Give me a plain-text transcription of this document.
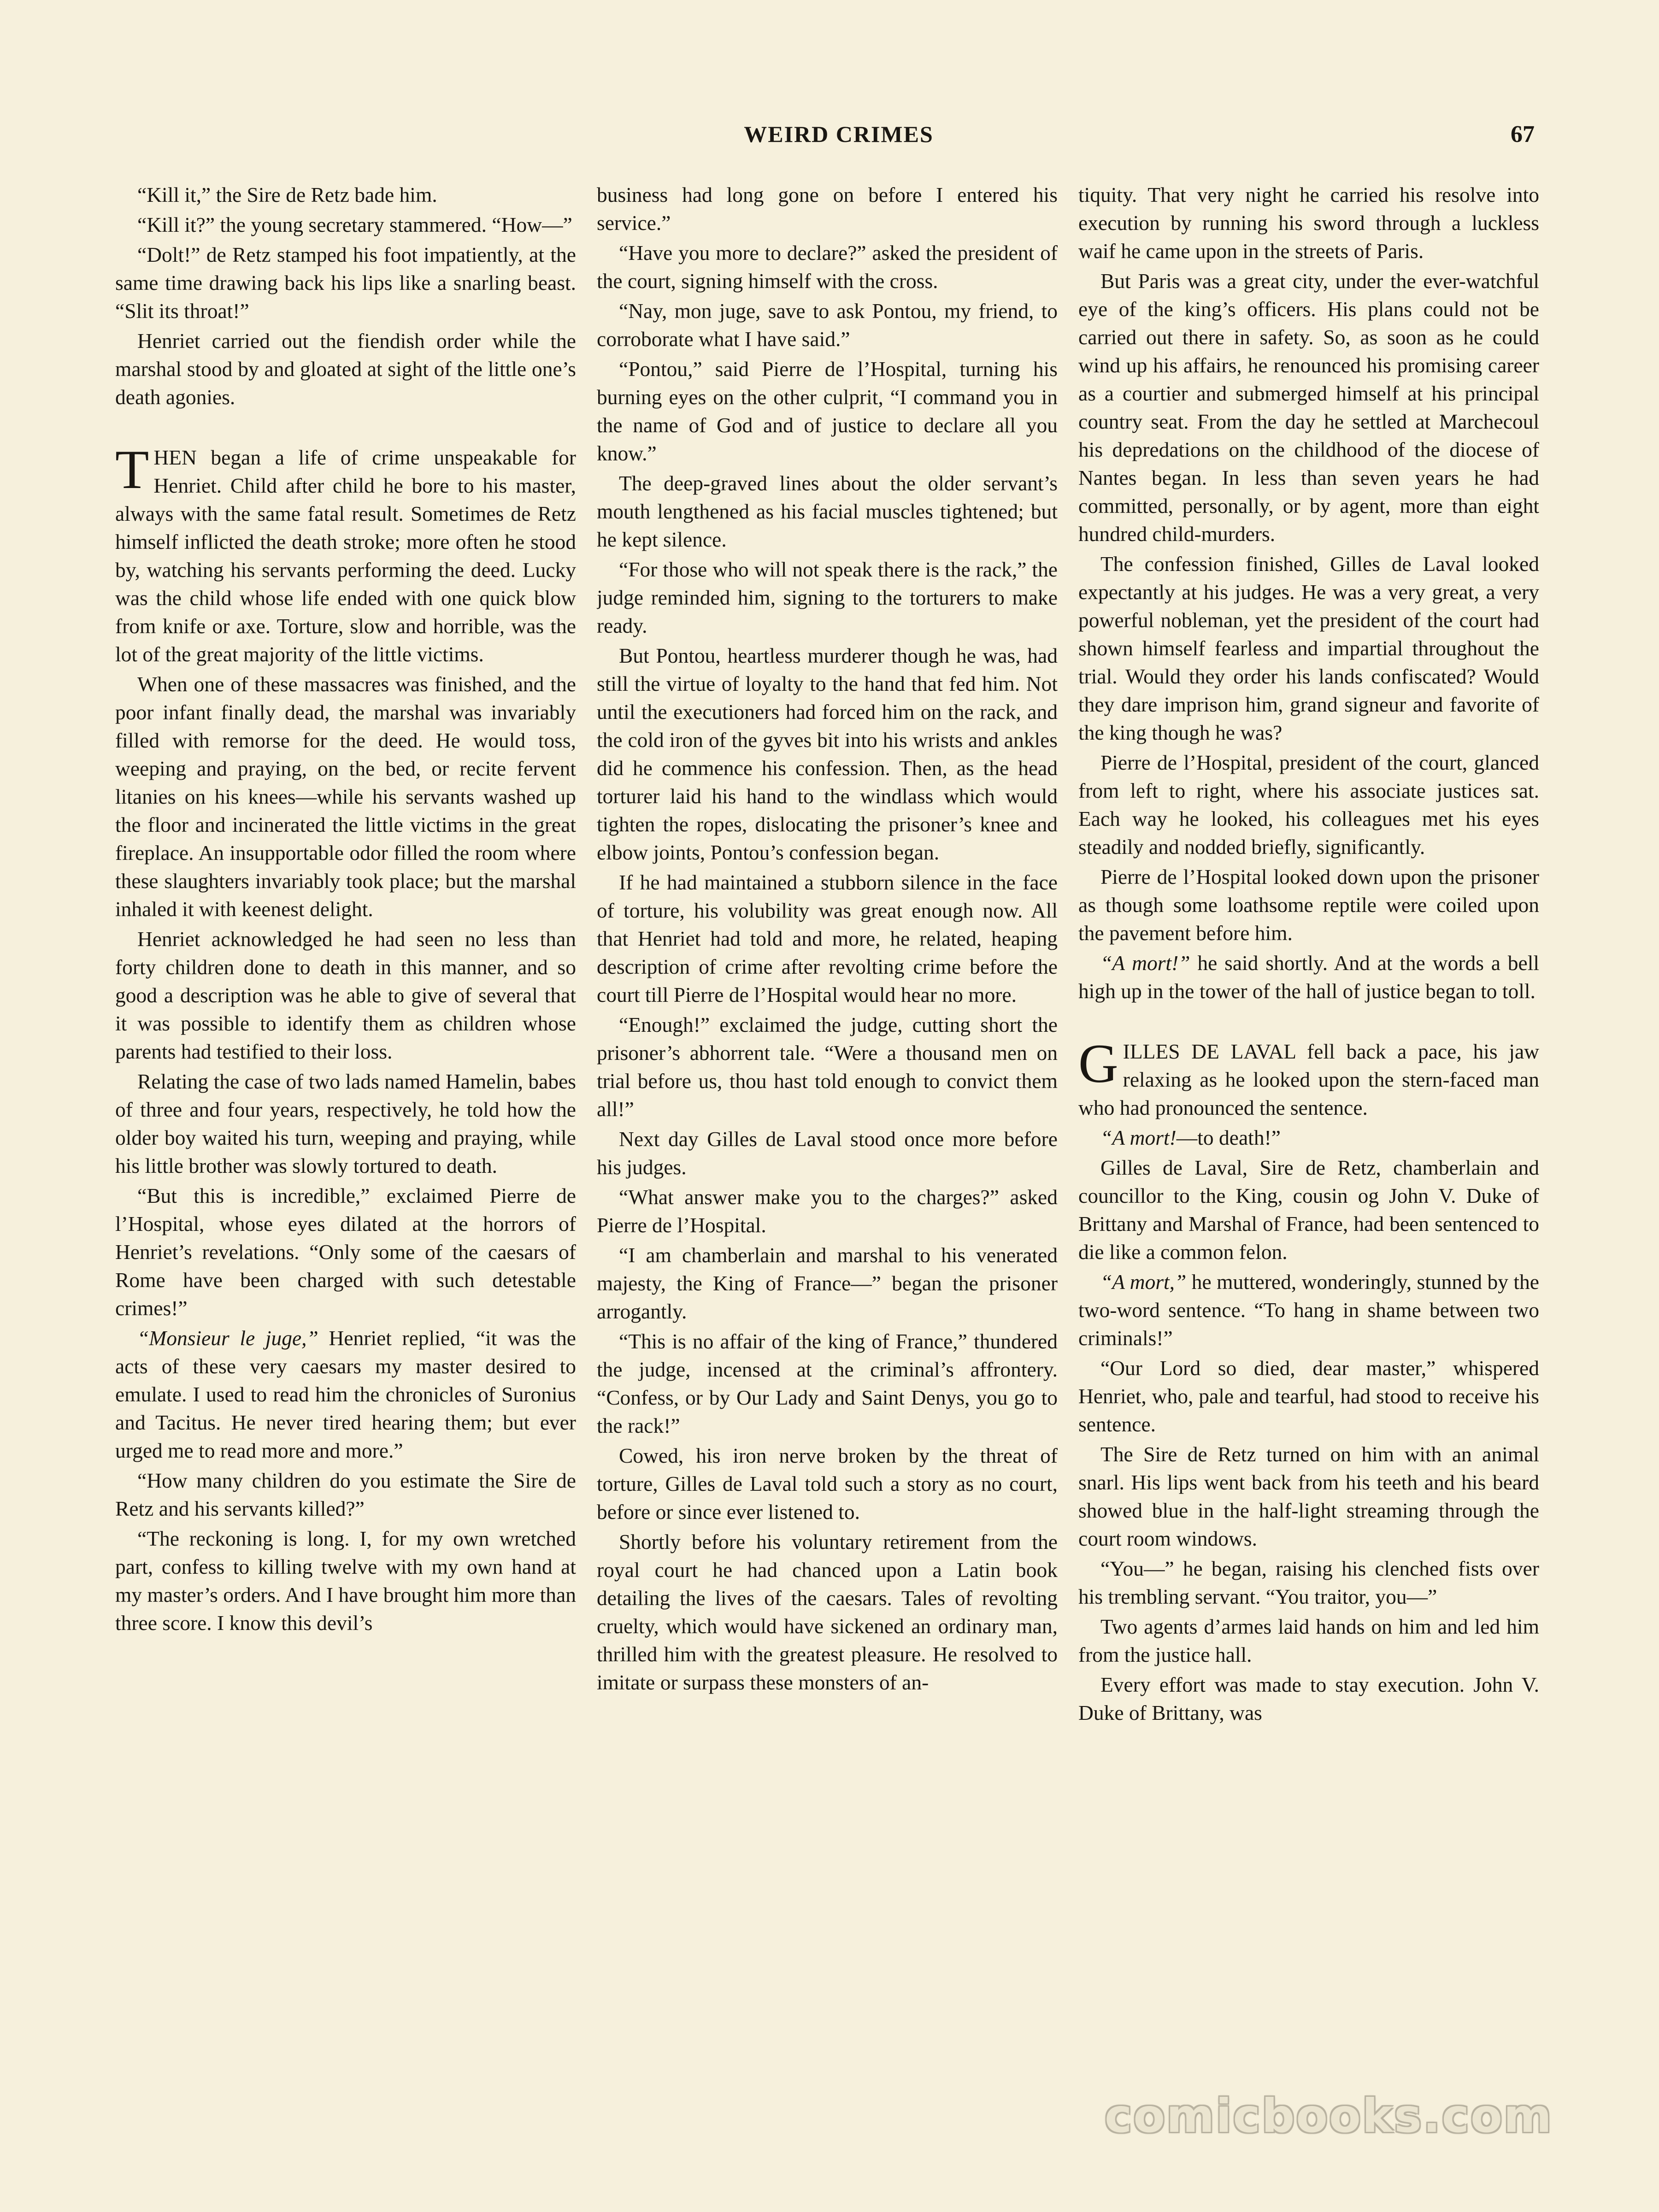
WEIRD CRIMES	67

“Kill it,” the Sire de Retz bade him.

“Kill it?” the young secretary stammered. “How—”

“Dolt!” de Retz stamped his foot impatiently, at the same time drawing back his lips like a snarling beast. “Slit its throat!”

Henriet carried out the fiendish order while the marshal stood by and gloated at sight of the little one’s death agonies.

THEN began a life of crime unspeakable for Henriet. Child after child he bore to his master, always with the same fatal result. Sometimes de Retz himself inflicted the death stroke; more often he stood by, watching his servants performing the deed. Lucky was the child whose life ended with one quick blow from knife or axe. Torture, slow and horrible, was the lot of the great majority of the little victims.

When one of these massacres was finished, and the poor infant finally dead, the marshal was invariably filled with remorse for the deed. He would toss, weeping and praying, on the bed, or recite fervent litanies on his knees—while his servants washed up the floor and incinerated the little victims in the great fireplace. An insupportable odor filled the room where these slaughters invariably took place; but the marshal inhaled it with keenest delight.

Henriet acknowledged he had seen no less than forty children done to death in this manner, and so good a description was he able to give of several that it was possible to identify them as children whose parents had testified to their loss.

Relating the case of two lads named Hamelin, babes of three and four years, respectively, he told how the older boy waited his turn, weeping and praying, while his little brother was slowly tortured to death.

“But this is incredible,” exclaimed Pierre de l’Hospital, whose eyes dilated at the horrors of Henriet’s revelations. “Only some of the caesars of Rome have been charged with such detestable crimes!”

“Monsieur le juge,” Henriet replied, “it was the acts of these very caesars my master desired to emulate. I used to read him the chronicles of Suronius and Tacitus. He never tired hearing them; but ever urged me to read more and more.”

“How many children do you estimate the Sire de Retz and his servants killed?”

“The reckoning is long. I, for my own wretched part, confess to killing twelve with my own hand at my master’s orders. And I have brought him more than three score. I know this devil’s

business had long gone on before I entered his service.”

“Have you more to declare?” asked the president of the court, signing himself with the cross.

“Nay, mon juge, save to ask Pontou, my friend, to corroborate what I have said.”

“Pontou,” said Pierre de l’Hospital, turning his burning eyes on the other culprit, “I command you in the name of God and of justice to declare all you know.”

The deep-graved lines about the older servant’s mouth lengthened as his facial muscles tightened; but he kept silence.

“For those who will not speak there is the rack,” the judge reminded him, signing to the torturers to make ready.

But Pontou, heartless murderer though he was, had still the virtue of loyalty to the hand that fed him. Not until the executioners had forced him on the rack, and the cold iron of the gyves bit into his wrists and ankles did he commence his confession. Then, as the head torturer laid his hand to the windlass which would tighten the ropes, dislocating the prisoner’s knee and elbow joints, Pontou’s confession began.

If he had maintained a stubborn silence in the face of torture, his volubility was great enough now. All that Henriet had told and more, he related, heaping description of crime after revolting crime before the court till Pierre de l’Hospital would hear no more.

“Enough!” exclaimed the judge, cutting short the prisoner’s abhorrent tale. “Were a thousand men on trial before us, thou hast told enough to convict them all!”

Next day Gilles de Laval stood once more before his judges.

“What answer make you to the charges?” asked Pierre de l’Hospital.

“I am chamberlain and marshal to his venerated majesty, the King of France—” began the prisoner arrogantly.

“This is no affair of the king of France,” thundered the judge, incensed at the criminal’s affrontery. “Confess, or by Our Lady and Saint Denys, you go to the rack!”

Cowed, his iron nerve broken by the threat of torture, Gilles de Laval told such a story as no court, before or since ever listened to.

Shortly before his voluntary retirement from the royal court he had chanced upon a Latin book detailing the lives of the caesars. Tales of revolting cruelty, which would have sickened an ordinary man, thrilled him with the greatest pleasure. He resolved to imitate or surpass these monsters of an-

tiquity. That very night he carried his resolve into execution by running his sword through a luckless waif he came upon in the streets of Paris.

But Paris was a great city, under the ever-watchful eye of the king’s officers. His plans could not be carried out there in safety. So, as soon as he could wind up his affairs, he renounced his promising career as a courtier and submerged himself at his principal country seat. From the day he settled at Marchecoul his depredations on the childhood of the diocese of Nantes began. In less than seven years he had committed, personally, or by agent, more than eight hundred child-murders.

The confession finished, Gilles de Laval looked expectantly at his judges. He was a very great, a very powerful nobleman, yet the president of the court had shown himself fearless and impartial throughout the trial. Would they order his lands confiscated? Would they dare imprison him, grand signeur and favorite of the king though he was?

Pierre de l’Hospital, president of the court, glanced from left to right, where his associate justices sat. Each way he looked, his colleagues met his eyes steadily and nodded briefly, significantly.

Pierre de l’Hospital looked down upon the prisoner as though some loathsome reptile were coiled upon the pavement before him.

“A mort!” he said shortly. And at the words a bell high up in the tower of the hall of justice began to toll.

GILLES DE LAVAL fell back a pace, his jaw relaxing as he looked upon the stern-faced man who had pronounced the sentence.

“A mort!—to death!”

Gilles de Laval, Sire de Retz, chamberlain and councillor to the King, cousin og John V. Duke of Brittany and Marshal of France, had been sentenced to die like a common felon.

“A mort,” he muttered, wonderingly, stunned by the two-word sentence. “To hang in shame between two criminals!”

“Our Lord so died, dear master,” whispered Henriet, who, pale and tearful, had stood to receive his sentence.

The Sire de Retz turned on him with an animal snarl. His lips went back from his teeth and his beard showed blue in the half-light streaming through the court room windows.

“You—” he began, raising his clenched fists over his trembling servant. “You traitor, you—”

Two agents d’armes laid hands on him and led him from the justice hall.

Every effort was made to stay execution. John V. Duke of Brittany, was

comicbooks.com
